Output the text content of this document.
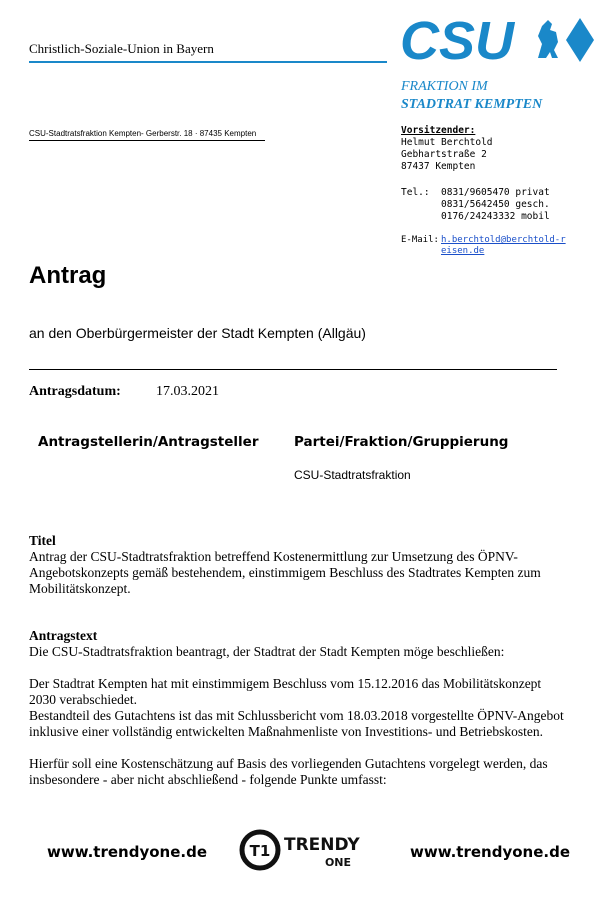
Christlich-Soziale-Union in Bayern	CSU
FRAKTION IM
STADTRAT KEMPTEN
CSU-Stadtratsfraktion Kempten- Gerberstr. 18 · 87435 Kempten	Vorsitzender:
Helmut Berchtold
Gebhartstraße 2
87437 Kempten
Tel.:	0831/9605470 privat
0831/5642450 gesch.
0176/24243332 mobil
E-Mail: h.berchtold@berchtold-reisen.de
Antrag
an den Oberbürgermeister der Stadt Kempten (Allgäu)
Antragsdatum:	17.03.2021
Antragstellerin/Antragsteller	Partei/Fraktion/Gruppierung
CSU-Stadtratsfraktion

Titel

Antrag der CSU-Stadtratsfraktion betreffend Kostenermittlung zur Umsetzung des ÖPNV-Angebotskonzepts gemäß bestehendem, einstimmigem Beschluss des Stadtrates Kempten zum Mobilitätskonzept.

Antragstext

Die CSU-Stadtratsfraktion beantragt, der Stadtrat der Stadt Kempten möge beschließen:

Der Stadtrat Kempten hat mit einstimmigem Beschluss vom 15.12.2016 das Mobilitätskonzept 2030 verabschiedet.

Bestandteil des Gutachtens ist das mit Schlussbericht vom 18.03.2018 vorgestellte ÖPNV-Angebot inklusive einer vollständig entwickelten Maßnahmenliste von Investitions- und Betriebskosten.

Hierfür soll eine Kostenschätzung auf Basis des vorliegenden Gutachtens vorgelegt werden, das insbesondere - aber nicht abschließend - folgende Punkte umfasst:

www.trendyone.de	T1 TRENDY
ONE
www.trendyone.de
